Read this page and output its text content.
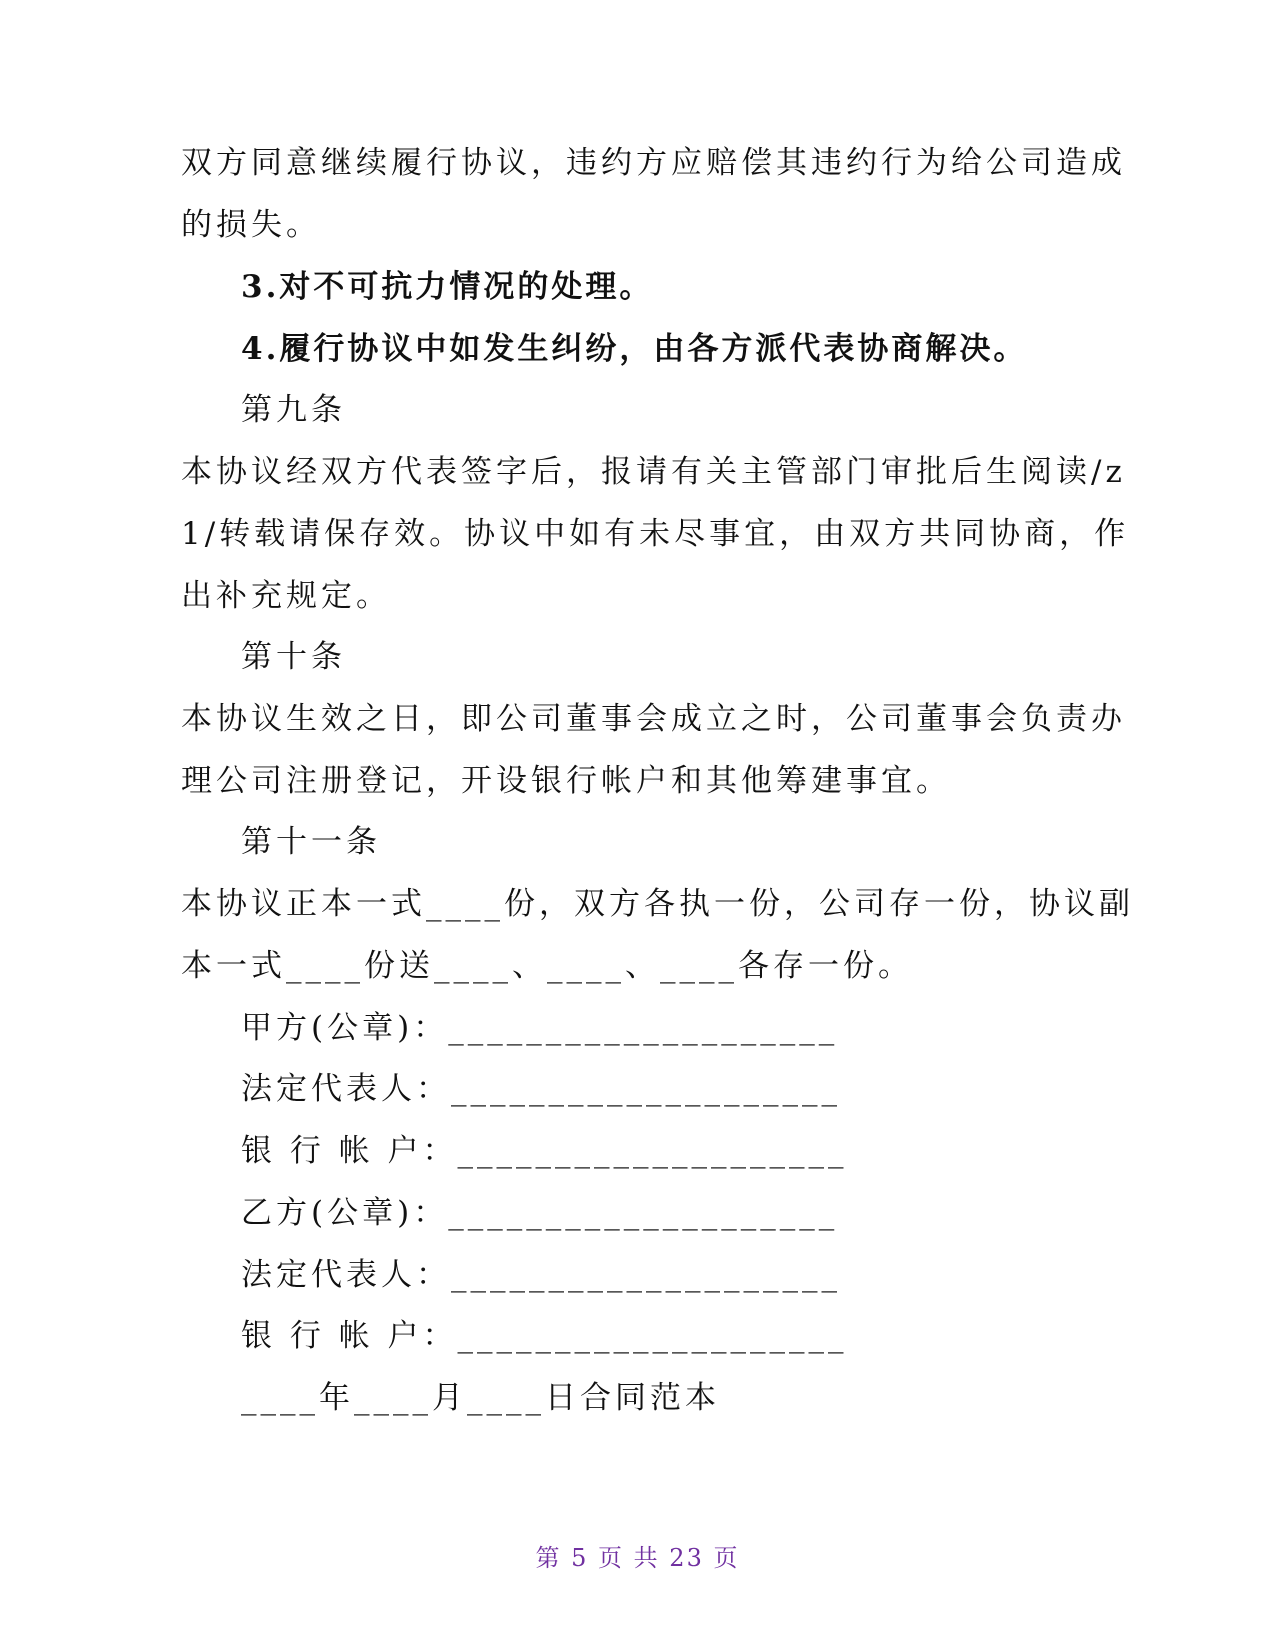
双方同意继续履行协议，违约方应赔偿其违约行为给公司造成
的损失。
3.对不可抗力情况的处理。
4.履行协议中如发生纠纷，由各方派代表协商解决。
第九条
本协议经双方代表签字后，报请有关主管部门审批后生阅读/z
1/转载请保存效。协议中如有未尽事宜，由双方共同协商，作
出补充规定。
第十条
本协议生效之日，即公司董事会成立之时，公司董事会负责办
理公司注册登记，开设银行帐户和其他筹建事宜。
第十一条
本协议正本一式____份，双方各执一份，公司存一份，协议副
本一式____份送____、____、____各存一份。
甲方(公章)：____________________
法定代表人：____________________
银 行 帐 户：____________________
乙方(公章)：____________________
法定代表人：____________________
银 行 帐 户：____________________
____年____月____日合同范本
第 5 页 共 23 页
